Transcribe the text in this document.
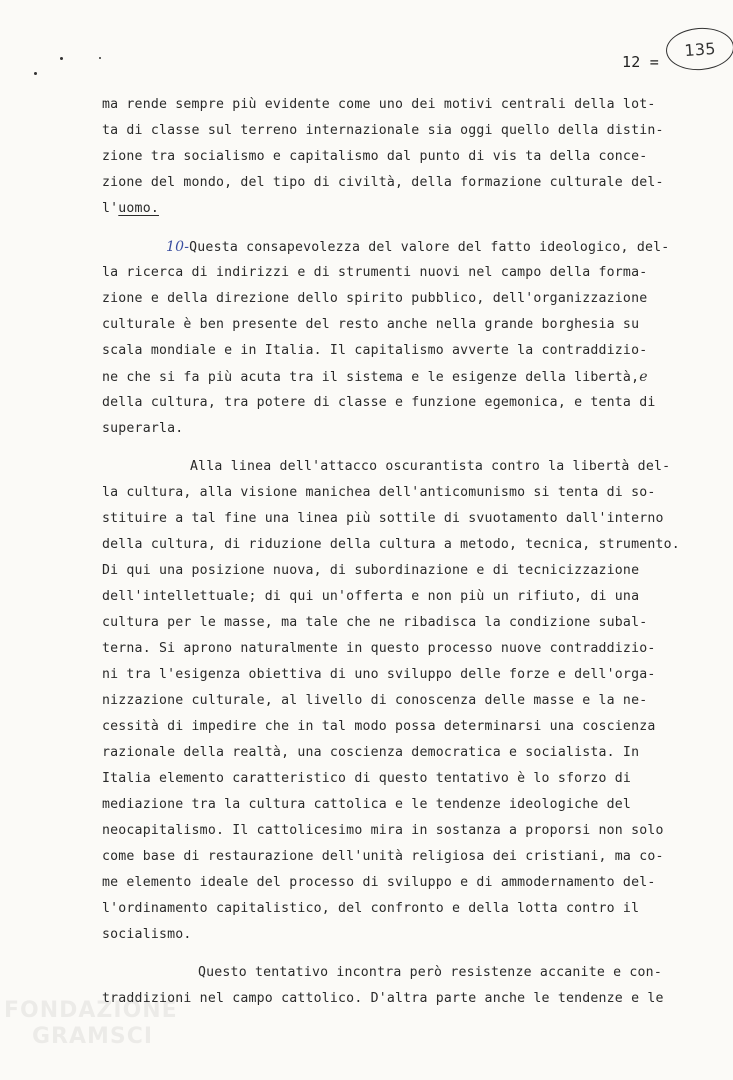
12 =
135
ma rende sempre più evidente come uno dei motivi centrali della lot-
ta di classe sul terreno internazionale sia oggi quello della distin-
zione tra socialismo e capitalismo dal punto di vis ta della conce-
zione del mondo, del tipo di civiltà, della formazione culturale del-
l'uomo.
10-Questa consapevolezza del valore del fatto ideologico, del-
la ricerca di indirizzi e di strumenti nuovi nel campo della forma-
zione e della direzione dello spirito pubblico, dell'organizzazione
culturale è ben presente del resto anche nella grande borghesia su
scala mondiale e in Italia. Il capitalismo avverte la contraddizio-
ne che si fa più acuta tra il sistema e le esigenze della libertà,e
della cultura, tra potere di classe e funzione egemonica, e tenta di
superarla.
Alla linea dell'attacco oscurantista contro la libertà del-
la cultura, alla visione manichea dell'anticomunismo si tenta di so-
stituire a tal fine una linea più sottile di svuotamento dall'interno
della cultura, di riduzione della cultura a metodo, tecnica, strumento.
Di qui una posizione nuova, di subordinazione e di tecnicizzazione
dell'intellettuale; di qui un'offerta e non più un rifiuto, di una
cultura per le masse, ma tale che ne ribadisca la condizione subal-
terna. Si aprono naturalmente in questo processo nuove contraddizio-
ni tra l'esigenza obiettiva di uno sviluppo delle forze e dell'orga-
nizzazione culturale, al livello di conoscenza delle masse e la ne-
cessità di impedire che in tal modo possa determinarsi una coscienza
razionale della realtà, una coscienza democratica e socialista. In
Italia elemento caratteristico di questo tentativo è lo sforzo di
mediazione tra la cultura cattolica e le tendenze ideologiche del
neocapitalismo. Il cattolicesimo mira in sostanza a proporsi non solo
come base di restaurazione dell'unità religiosa dei cristiani, ma co-
me elemento ideale del processo di sviluppo e di ammodernamento del-
l'ordinamento capitalistico, del confronto e della lotta contro il
socialismo.
Questo tentativo incontra però resistenze accanite e con-
traddizioni nel campo cattolico. D'altra parte anche le tendenze e le
FONDAZIONE
GRAMSCI
